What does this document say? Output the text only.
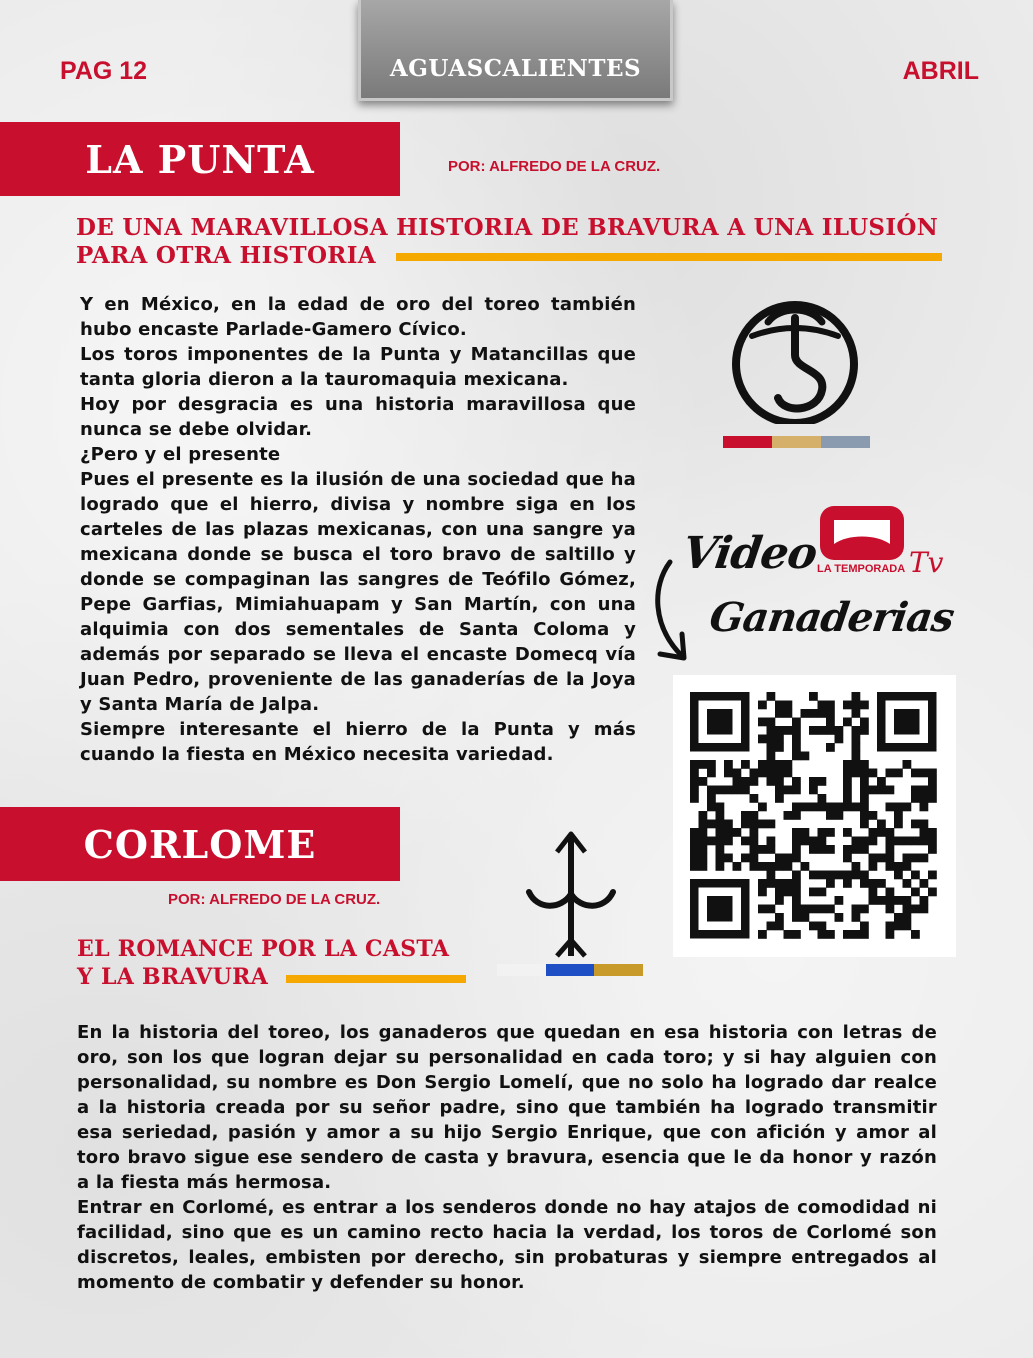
PAG 12	AGUASCALIENTES	ABRIL
LA PUNTA	POR: ALFREDO DE LA CRUZ.
DE UNA MARAVILLOSA HISTORIA DE BRAVURA A UNA ILUSIÓN
PARA OTRA HISTORIA

Y en México, en la edad de oro del toreo también hubo encaste Parlade-Gamero Cívico.

Los toros imponentes de la Punta y Matancillas que tanta gloria dieron a la tauromaquia mexicana.

Hoy por desgracia es una historia maravillosa que nunca se debe olvidar.

¿Pero y el presente

Pues el presente es la ilusión de una sociedad que ha logrado que el hierro, divisa y nombre siga en los carteles de las plazas mexicanas, con una sangre ya mexicana donde se busca el toro bravo de saltillo y donde se compaginan las sangres de Teófilo Gómez, Pepe Garfias, Mimiahuapam y San Martín, con una alquimia con dos sementales de Santa Coloma y además por separado se lleva el encaste Domecq vía Juan Pedro, proveniente de las ganaderías de la Joya y Santa María de Jalpa.

Siempre interesante el hierro de la Punta y más cuando la fiesta en México necesita variedad.

LA TEMPORADA Tv
Video
Ganaderias
CORLOME
POR: ALFREDO DE LA CRUZ.
EL ROMANCE POR LA CASTA
Y LA BRAVURA

En la historia del toreo, los ganaderos que quedan en esa historia con letras de oro, son los que logran dejar su personalidad en cada toro; y si hay alguien con personalidad, su nombre es Don Sergio Lomelí, que no solo ha logrado dar realce a la historia creada por su señor padre, sino que también ha logrado transmitir esa seriedad, pasión y amor a su hijo Sergio Enrique, que con afición y amor al toro bravo sigue ese sendero de casta y bravura, esencia que le da honor y razón a la fiesta más hermosa.

Entrar en Corlomé, es entrar a los senderos donde no hay atajos de comodidad ni facilidad, sino que es un camino recto hacia la verdad, los toros de Corlomé son discretos, leales, embisten por derecho, sin probaturas y siempre entregados al momento de combatir y defender su honor.
